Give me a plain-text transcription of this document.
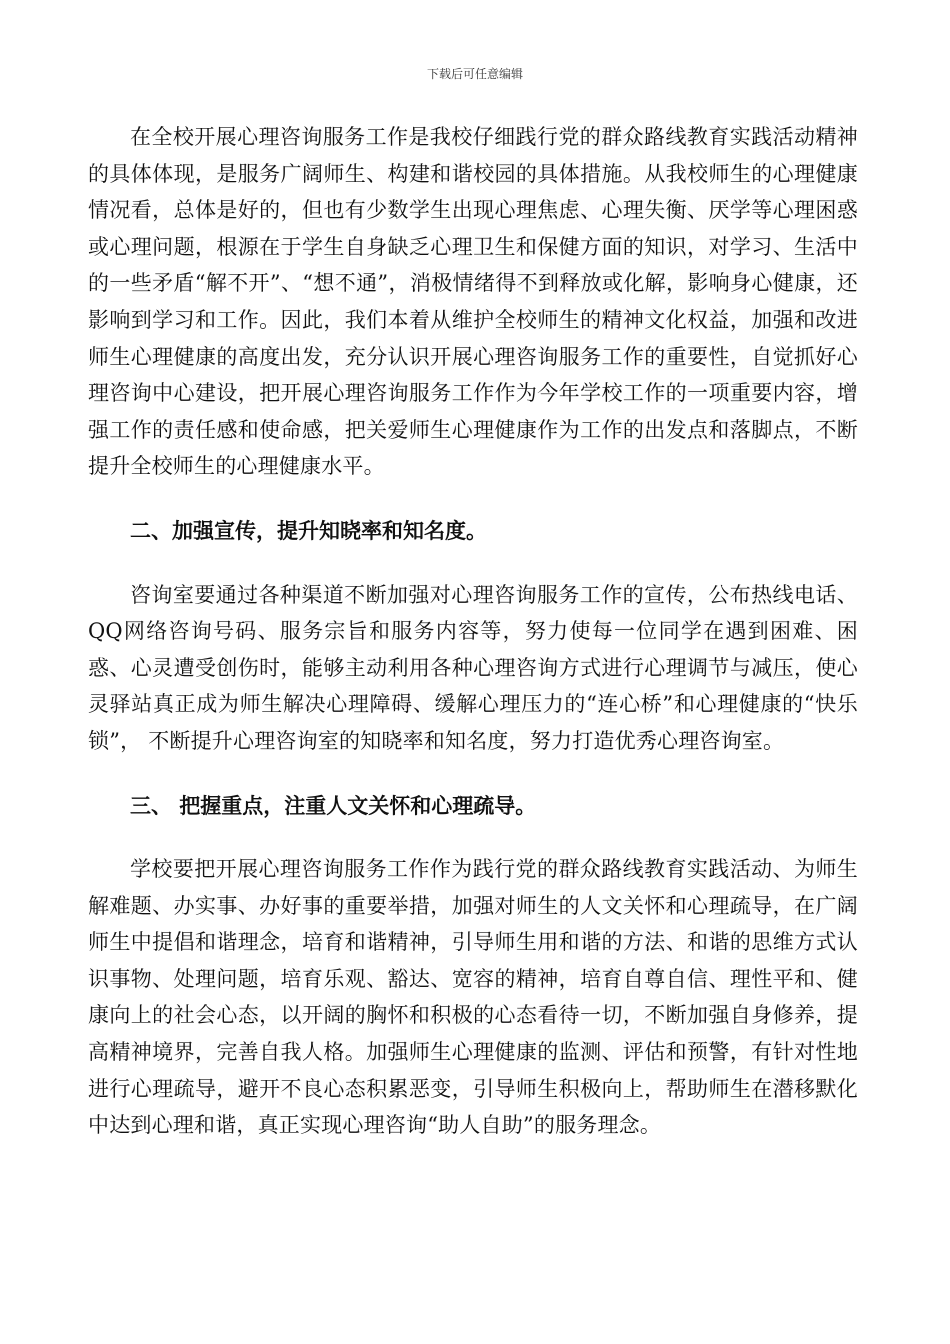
下载后可任意编辑

在全校开展心理咨询服务工作是我校仔细践行党的群众路线教育实践活动精神的具体体现，是服务广阔师生、构建和谐校园的具体措施。从我校师生的心理健康情况看，总体是好的，但也有少数学生出现心理焦虑、心理失衡、厌学等心理困惑或心理问题，根源在于学生自身缺乏心理卫生和保健方面的知识，对学习、生活中的一些矛盾“解不开”、“想不通”，消极情绪得不到释放或化解，影响身心健康，还影响到学习和工作。因此，我们本着从维护全校师生的精神文化权益，加强和改进师生心理健康的高度出发，充分认识开展心理咨询服务工作的重要性，自觉抓好心理咨询中心建设，把开展心理咨询服务工作作为今年学校工作的一项重要内容，增强工作的责任感和使命感，把关爱师生心理健康作为工作的出发点和落脚点，不断提升全校师生的心理健康水平。

二、加强宣传，提升知晓率和知名度。

咨询室要通过各种渠道不断加强对心理咨询服务工作的宣传，公布热线电话、QQ网络咨询号码、服务宗旨和服务内容等，努力使每一位同学在遇到困难、困惑、心灵遭受创伤时，能够主动利用各种心理咨询方式进行心理调节与减压，使心灵驿站真正成为师生解决心理障碍、缓解心理压力的“连心桥”和心理健康的“快乐锁”， 不断提升心理咨询室的知晓率和知名度，努力打造优秀心理咨询室。

三、 把握重点，注重人文关怀和心理疏导。

学校要把开展心理咨询服务工作作为践行党的群众路线教育实践活动、为师生解难题、办实事、办好事的重要举措，加强对师生的人文关怀和心理疏导，在广阔师生中提倡和谐理念，培育和谐精神，引导师生用和谐的方法、和谐的思维方式认识事物、处理问题，培育乐观、豁达、宽容的精神，培育自尊自信、理性平和、健康向上的社会心态，以开阔的胸怀和积极的心态看待一切，不断加强自身修养，提高精神境界，完善自我人格。加强师生心理健康的监测、评估和预警，有针对性地进行心理疏导，避开不良心态积累恶变，引导师生积极向上，帮助师生在潜移默化中达到心理和谐，真正实现心理咨询“助人自助”的服务理念。
